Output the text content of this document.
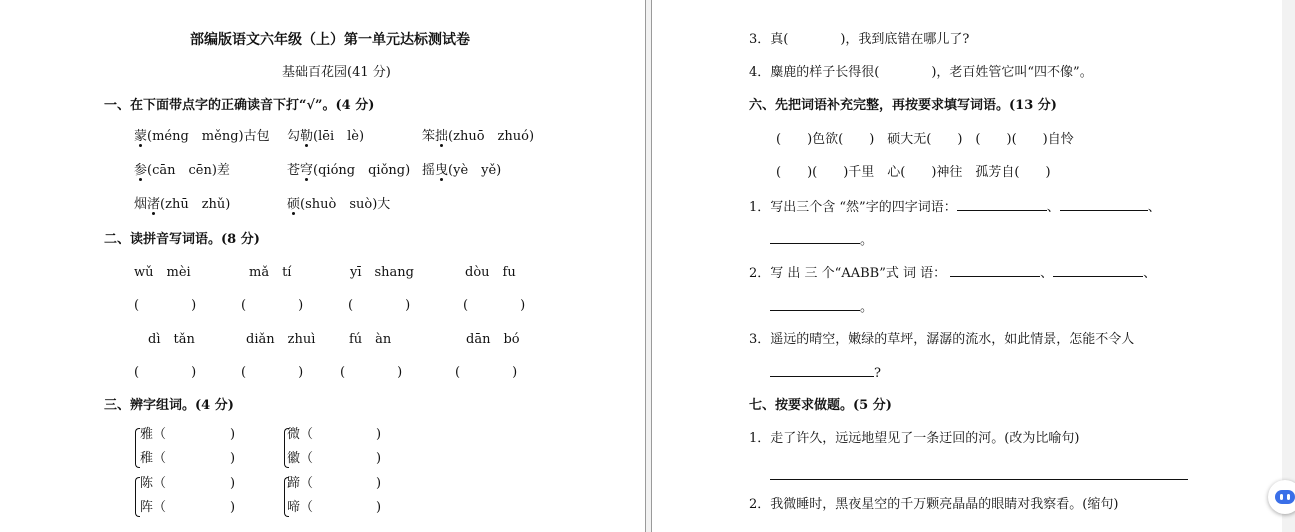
部编版语文六年级（上）第一单元达标测试卷
基础百花园(41 分)
一、在下面带点字的正确读音下打“√”。(4 分)
蒙(méng　měng)古包 勾勒(lēi　lè)	笨拙(zhuō　zhuó)
参(cān　cēn)差	苍穹(qióng　qiǒng) 摇曳(yè　yě)
烟渚(zhū　zhǔ)	硕(shuò　suò)大
二、读拼音写词语。(8 分)
wǔ　mèi	mǎ　tí	yī　shang	dòu　fu
(　　　　)	(　　　　)	(　　　　)	(　　　　)
dì　tǎn	diǎn　zhuì	fú　àn	dān　bó
(　　　　)	(　　　　)	(　　　　)	(　　　　)
三、辨字组词。(4 分)
雅（	)
稚（	)
微（	)
徽（	)
陈（	)
阵（	)
蹄（	)
啼（	)
3．真(　　　　)，我到底错在哪儿了?
4．麋鹿的样子长得很(　　　　)，老百姓管它叫“四不像”。
六、先把词语补充完整，再按要求填写词语。(13 分)
(　　)色欲(　　)　硕大无(　　)　(　　)(　　)自怜
(　　)(　　)千里　心(　　)神往　孤芳自(　　)
1．写出三个含 “然”字的四字词语：	、	、
。
2．写 出 三 个“AABB”式 词 语：	、	、
。
3．遥远的晴空，嫩绿的草坪，潺潺的流水，如此情景，怎能不令人
?
七、按要求做题。(5 分)
1．走了许久，远远地望见了一条迂回的河。(改为比喻句)
2．我微睡时，黑夜星空的千万颗亮晶晶的眼睛对我察看。(缩句)
